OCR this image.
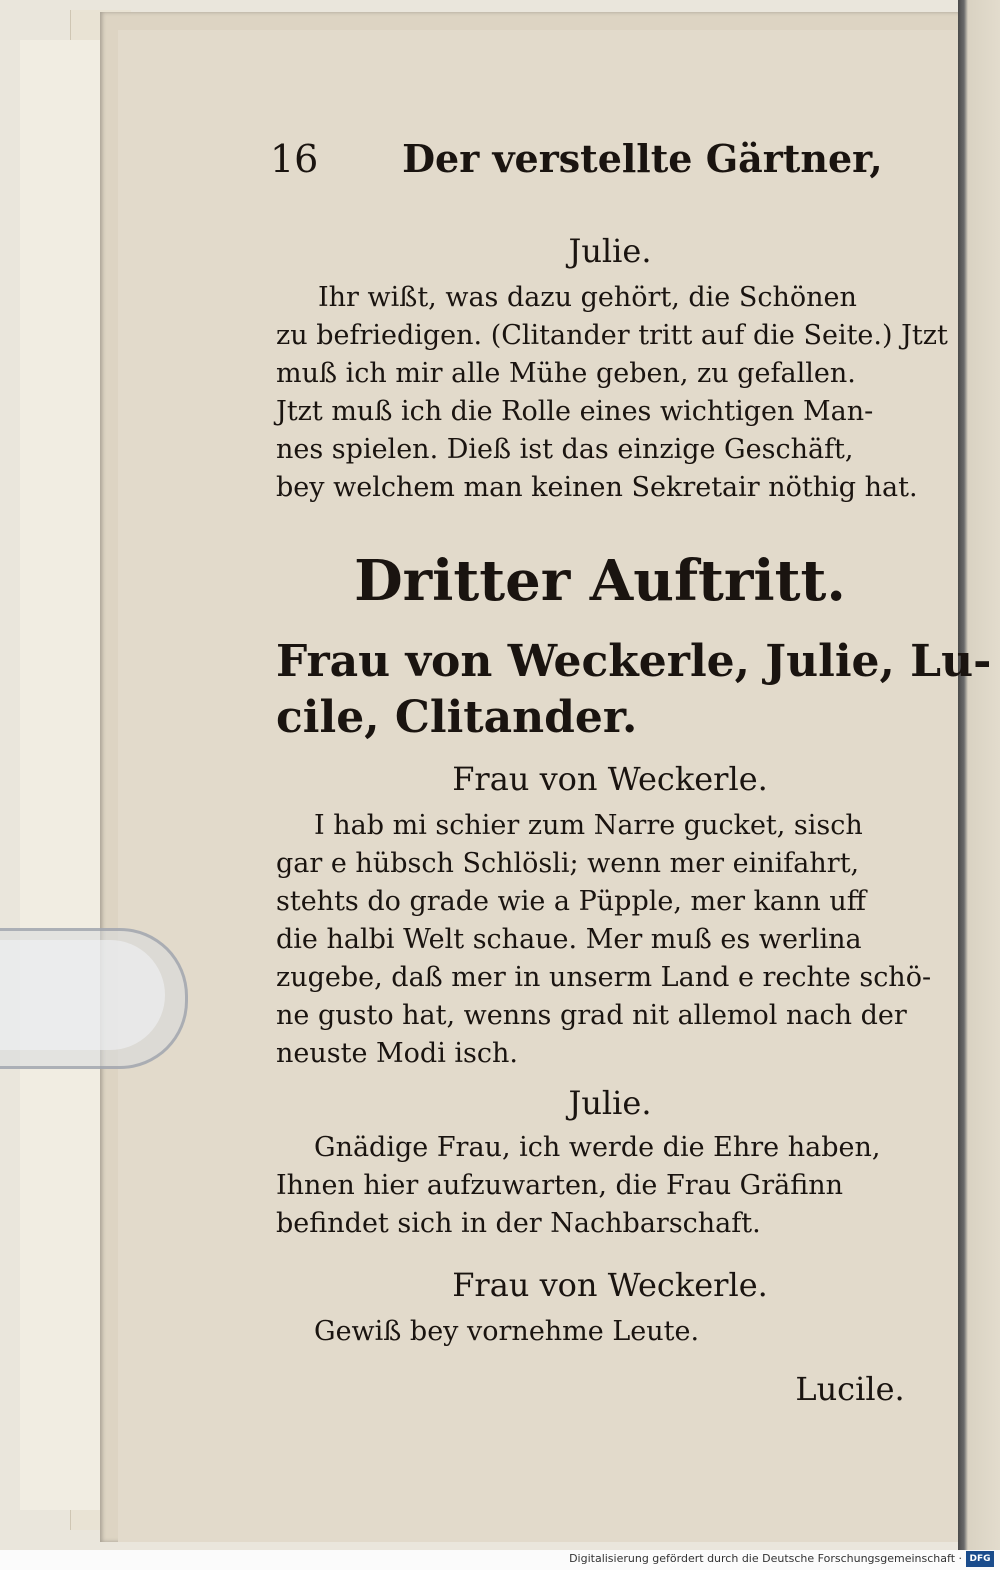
16 Der verstellte Gärtner,
Julie.
Ihr wißt, was dazu gehört, die Schönen
zu befriedigen. (Clitander tritt auf die Seite.) Jtzt
muß ich mir alle Mühe geben, zu gefallen.
Jtzt muß ich die Rolle eines wichtigen Man-
nes spielen. Dieß ist das einzige Geschäft,
bey welchem man keinen Sekretair nöthig hat.
Dritter Auftritt.
Frau von Weckerle, Julie, Lu-
cile, Clitander.
Frau von Weckerle.
I hab mi schier zum Narre gucket, sisch
gar e hübsch Schlösli; wenn mer einifahrt,
stehts do grade wie a Püpple, mer kann uff
die halbi Welt schaue. Mer muß es werlina
zugebe, daß mer in unserm Land e rechte schö-
ne gusto hat, wenns grad nit allemol nach der
neuste Modi isch.
Julie.
Gnädige Frau, ich werde die Ehre haben,
Ihnen hier aufzuwarten, die Frau Gräfinn
befindet sich in der Nachbarschaft.
Frau von Weckerle.
Gewiß bey vornehme Leute.
Lucile.
Digitalisierung gefördert durch die Deutsche Forschungsgemeinschaft · DFG
